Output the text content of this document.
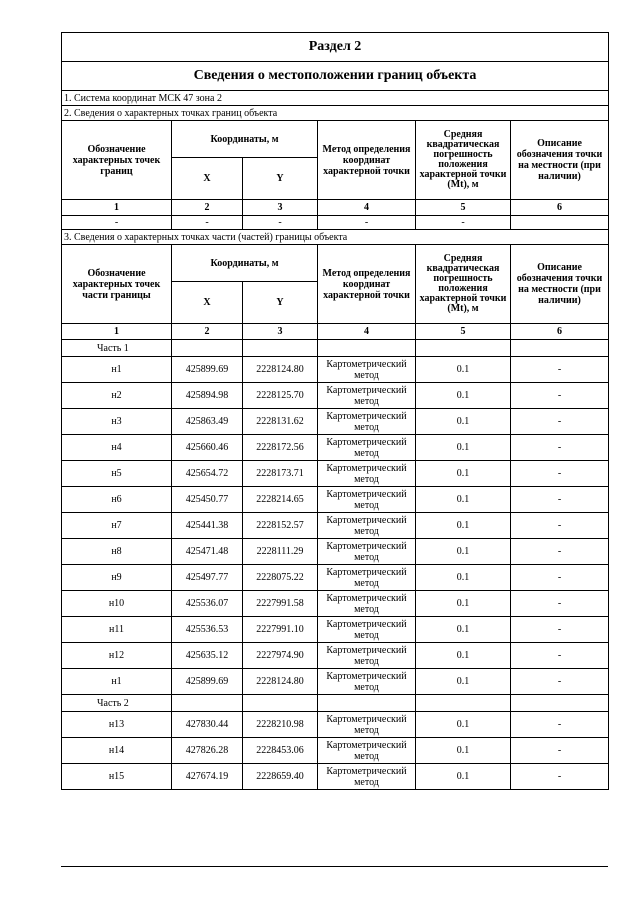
Раздел 2					
Сведения о местоположении границ объекта					
1. Система координат МСК 47 зона 2					
2. Сведения о характерных точках границ объекта					
Обозначение характерных точек границ	Координаты, м		Метод определения координат характерной точки	Средняя квадратическая погрешность положения характерной точки (Mt), м	Описание обозначения точки на местности (при наличии)
	X	Y			
1	2	3	4	5	6
-	-	-	-	-	
3. Сведения о характерных точках части (частей) границы объекта					
Обозначение характерных точек части границы	Координаты, м		Метод определения координат характерной точки	Средняя квадратическая погрешность положения характерной точки (Mt), м	Описание обозначения точки на местности (при наличии)
	X	Y			
1	2	3	4	5	6
Часть 1					
н1	425899.69	2228124.80	Картометрический метод	0.1	-
н2	425894.98	2228125.70	Картометрический метод	0.1	-
н3	425863.49	2228131.62	Картометрический метод	0.1	-
н4	425660.46	2228172.56	Картометрический метод	0.1	-
н5	425654.72	2228173.71	Картометрический метод	0.1	-
н6	425450.77	2228214.65	Картометрический метод	0.1	-
н7	425441.38	2228152.57	Картометрический метод	0.1	-
н8	425471.48	2228111.29	Картометрический метод	0.1	-
н9	425497.77	2228075.22	Картометрический метод	0.1	-
н10	425536.07	2227991.58	Картометрический метод	0.1	-
н11	425536.53	2227991.10	Картометрический метод	0.1	-
н12	425635.12	2227974.90	Картометрический метод	0.1	-
н1	425899.69	2228124.80	Картометрический метод	0.1	-
Часть 2					
н13	427830.44	2228210.98	Картометрический метод	0.1	-
н14	427826.28	2228453.06	Картометрический метод	0.1	-
н15	427674.19	2228659.40	Картометрический метод	0.1	-
